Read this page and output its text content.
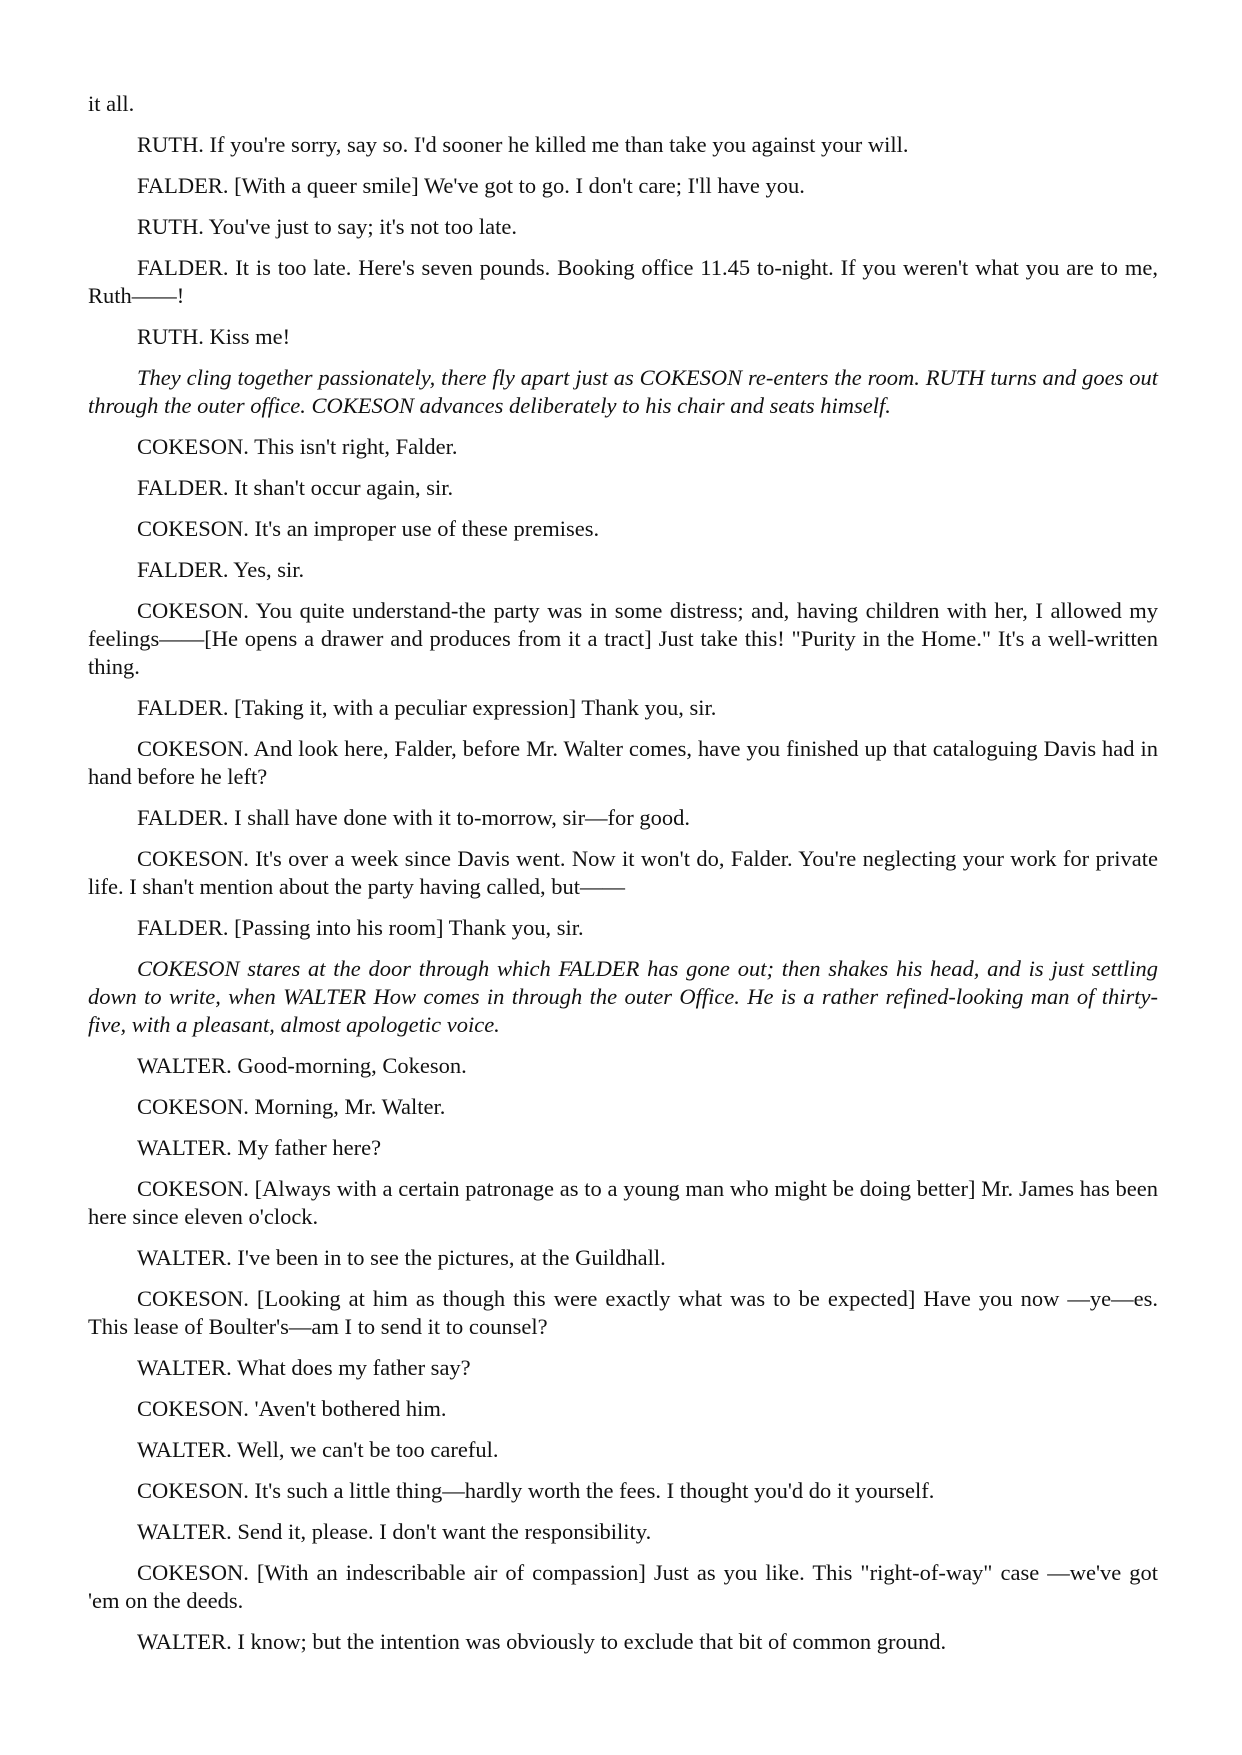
it all.

RUTH. If you're sorry, say so. I'd sooner he killed me than take you against your will.

FALDER. [With a queer smile] We've got to go. I don't care; I'll have you.

RUTH. You've just to say; it's not too late.

FALDER. It is too late. Here's seven pounds. Booking office 11.45 to-night. If you weren't what you are to me, Ruth——!

RUTH. Kiss me!

They cling together passionately, there fly apart just as COKESON re-enters the room. RUTH turns and goes out through the outer office. COKESON advances deliberately to his chair and seats himself.

COKESON. This isn't right, Falder.

FALDER. It shan't occur again, sir.

COKESON. It's an improper use of these premises.

FALDER. Yes, sir.

COKESON. You quite understand-the party was in some distress; and, having children with her, I allowed my feelings——[He opens a drawer and produces from it a tract] Just take this! "Purity in the Home." It's a well-written thing.

FALDER. [Taking it, with a peculiar expression] Thank you, sir.

COKESON. And look here, Falder, before Mr. Walter comes, have you finished up that cataloguing Davis had in hand before he left?

FALDER. I shall have done with it to-morrow, sir—for good.

COKESON. It's over a week since Davis went. Now it won't do, Falder. You're neglecting your work for private life. I shan't mention about the party having called, but——

FALDER. [Passing into his room] Thank you, sir.

COKESON stares at the door through which FALDER has gone out; then shakes his head, and is just settling down to write, when WALTER How comes in through the outer Office. He is a rather refined-looking man of thirty-five, with a pleasant, almost apologetic voice.

WALTER. Good-morning, Cokeson.

COKESON. Morning, Mr. Walter.

WALTER. My father here?

COKESON. [Always with a certain patronage as to a young man who might be doing better] Mr. James has been here since eleven o'clock.

WALTER. I've been in to see the pictures, at the Guildhall.

COKESON. [Looking at him as though this were exactly what was to be expected] Have you now —ye—es. This lease of Boulter's—am I to send it to counsel?

WALTER. What does my father say?

COKESON. 'Aven't bothered him.

WALTER. Well, we can't be too careful.

COKESON. It's such a little thing—hardly worth the fees. I thought you'd do it yourself.

WALTER. Send it, please. I don't want the responsibility.

COKESON. [With an indescribable air of compassion] Just as you like. This "right-of-way" case —we've got 'em on the deeds.

WALTER. I know; but the intention was obviously to exclude that bit of common ground.
